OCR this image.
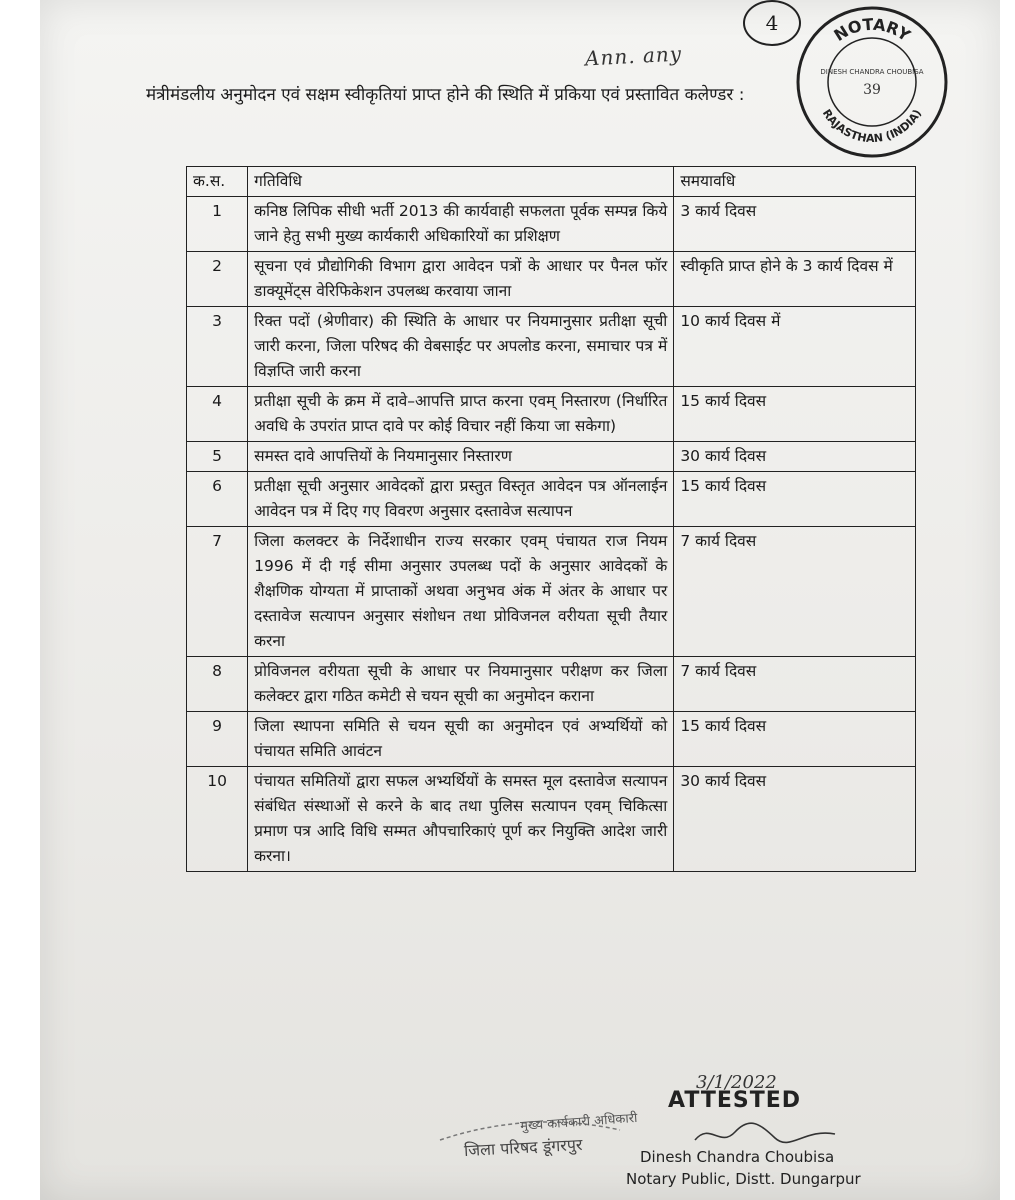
Ann. any
4	NOTARY
RAJASTHAN (INDIA)
DINESH CHANDRA CHOUBISA
39
मंत्रीमंडलीय अनुमोदन एवं सक्षम स्वीकृतियां प्राप्त होने की स्थिति में प्रकिया एवं प्रस्तावित कलेण्डर :
क.स.	गतिविधि	समयावधि
1	कनिष्ठ लिपिक सीधी भर्ती 2013 की कार्यवाही सफलता पूर्वक सम्पन्न किये जाने हेतु सभी मुख्य कार्यकारी अधिकारियों का प्रशिक्षण	3 कार्य दिवस
2	सूचना एवं प्रौद्योगिकी विभाग द्वारा आवेदन पत्रों के आधार पर पैनल फॉर डाक्यूमेंट्स वेरिफिकेशन उपलब्ध करवाया जाना	स्वीकृति प्राप्त होने के 3 कार्य दिवस में
3	रिक्त पदों (श्रेणीवार) की स्थिति के आधार पर नियमानुसार प्रतीक्षा सूची जारी करना, जिला परिषद की वेबसाईट पर अपलोड करना, समाचार पत्र में विज्ञप्ति जारी करना	10 कार्य दिवस में
4	प्रतीक्षा सूची के क्रम में दावे–आपत्ति प्राप्त करना एवम् निस्तारण (निर्धारित अवधि के उपरांत प्राप्त दावे पर कोई विचार नहीं किया जा सकेगा)	15 कार्य दिवस
5	समस्त दावे आपत्तियों के नियमानुसार निस्तारण	30 कार्य दिवस
6	प्रतीक्षा सूची अनुसार आवेदकों द्वारा प्रस्तुत विस्तृत आवेदन पत्र ऑनलाईन आवेदन पत्र में दिए गए विवरण अनुसार दस्तावेज सत्यापन	15 कार्य दिवस
7	जिला कलक्टर के निर्देशाधीन राज्य सरकार एवम् पंचायत राज नियम 1996 में दी गई सीमा अनुसार उपलब्ध पदों के अनुसार आवेदकों के शैक्षणिक योग्यता में प्राप्ताकों अथवा अनुभव अंक में अंतर के आधार पर दस्तावेज सत्यापन अनुसार संशोधन तथा प्रोविजनल वरीयता सूची तैयार करना	7 कार्य दिवस
8	प्रोविजनल वरीयता सूची के आधार पर नियमानुसार परीक्षण कर जिला कलेक्टर द्वारा गठित कमेटी से चयन सूची का अनुमोदन कराना	7 कार्य दिवस
9	जिला स्थापना समिति से चयन सूची का अनुमोदन एवं अभ्यर्थियों को पंचायत समिति आवंटन	15 कार्य दिवस
10	पंचायत समितियों द्वारा सफल अभ्यर्थियों के समस्त मूल दस्तावेज सत्यापन संबंधित संस्थाओं से करने के बाद तथा पुलिस सत्यापन एवम् चिकित्सा प्रमाण पत्र आदि विधि सम्मत औपचारिकाएं पूर्ण कर नियुक्ति आदेश जारी करना।	30 कार्य दिवस
मुख्य कार्यकारी अधिकारी
जिला परिषद डूंगरपुर
3/1/2022
ATTESTED
Dinesh Chandra Choubisa
Notary Public, Distt. Dungarpur
